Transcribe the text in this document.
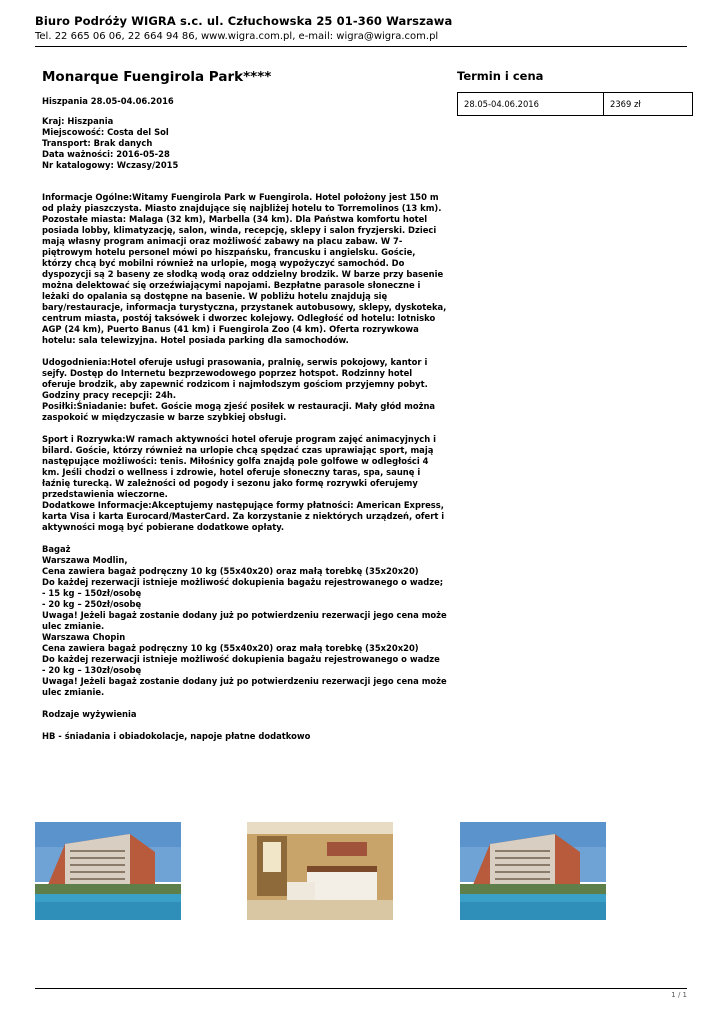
Biuro Podróży WIGRA s.c. ul. Człuchowska 25 01-360 Warszawa
Tel. 22 665 06 06, 22 664 94 86, www.wigra.com.pl, e-mail: wigra@wigra.com.pl
Monarque Fuengirola Park****
Hiszpania 28.05-04.06.2016
Kraj: Hiszpania
Miejscowość: Costa del Sol
Transport: Brak danych
Data ważności: 2016-05-28
Nr katalogowy: Wczasy/2015

Informacje Ogólne:Witamy Fuengirola Park w Fuengirola. Hotel położony jest 150 m od plaży piaszczysta. Miasto znajdujące się najbliżej hotelu to Torremolinos (13 km). Pozostałe miasta: Malaga (32 km), Marbella (34 km). Dla Państwa komfortu hotel posiada lobby, klimatyzację, salon, winda, recepcję, sklepy i salon fryzjerski. Dzieci mają własny program animacji oraz możliwość zabawy na placu zabaw. W 7-piętrowym hotelu personel mówi po hiszpańsku, francusku i angielsku. Goście, którzy chcą być mobilni również na urlopie, mogą wypożyczyć samochód. Do dyspozycji są 2 baseny ze słodką wodą oraz oddzielny brodzik. W barze przy basenie można delektować się orzeźwiającymi napojami. Bezpłatne parasole słoneczne i leżaki do opalania są dostępne na basenie. W pobliżu hotelu znajdują się bary/restauracje, informacja turystyczna, przystanek autobusowy, sklepy, dyskoteka, centrum miasta, postój taksówek i dworzec kolejowy. Odległość od hotelu: lotnisko AGP (24 km), Puerto Banus (41 km) i Fuengirola Zoo (4 km). Oferta rozrywkowa hotelu: sala telewizyjna. Hotel posiada parking dla samochodów.

Udogodnienia:Hotel oferuje usługi prasowania, pralnię, serwis pokojowy, kantor i sejfy. Dostęp do Internetu bezprzewodowego poprzez hotspot. Rodzinny hotel oferuje brodzik, aby zapewnić rodzicom i najmłodszym gościom przyjemny pobyt. Godziny pracy recepcji: 24h.
Posiłki:Śniadanie: bufet. Goście mogą zjeść posiłek w restauracji. Mały głód można zaspokoić w międzyczasie w barze szybkiej obsługi.

Sport i Rozrywka:W ramach aktywności hotel oferuje program zajęć animacyjnych i bilard. Goście, którzy również na urlopie chcą spędzać czas uprawiając sport, mają następujące możliwości: tenis. Miłośnicy golfa znajdą pole golfowe w odległości 4 km. Jeśli chodzi o wellness i zdrowie, hotel oferuje słoneczny taras, spa, saunę i łaźnię turecką. W zależności od pogody i sezonu jako formę rozrywki oferujemy przedstawienia wieczorne.
Dodatkowe Informacje:Akceptujemy następujące formy płatności: American Express, karta Visa i karta Eurocard/MasterCard. Za korzystanie z niektórych urządzeń, ofert i aktywności mogą być pobierane dodatkowe opłaty.

Bagaż
Warszawa Modlin,
Cena zawiera bagaż podręczny 10 kg (55x40x20) oraz małą torebkę (35x20x20)
Do każdej rezerwacji istnieje możliwość dokupienia bagażu rejestrowanego o wadze;
- 15 kg – 150zł/osobę
- 20 kg – 250zł/osobę
Uwaga! Jeżeli bagaż zostanie dodany już po potwierdzeniu rezerwacji jego cena może ulec zmianie.
Warszawa Chopin
Cena zawiera bagaż podręczny 10 kg (55x40x20) oraz małą torebkę (35x20x20)
Do każdej rezerwacji istnieje możliwość dokupienia bagażu rejestrowanego o wadze
- 20 kg – 130zł/osobę
Uwaga! Jeżeli bagaż zostanie dodany już po potwierdzeniu rezerwacji jego cena może ulec zmianie.

Rodzaje wyżywienia

HB - śniadania i obiadokolacje, napoje płatne dodatkowo

Termin i cena
28.05-04.06.2016	2369 zł
1 / 1
